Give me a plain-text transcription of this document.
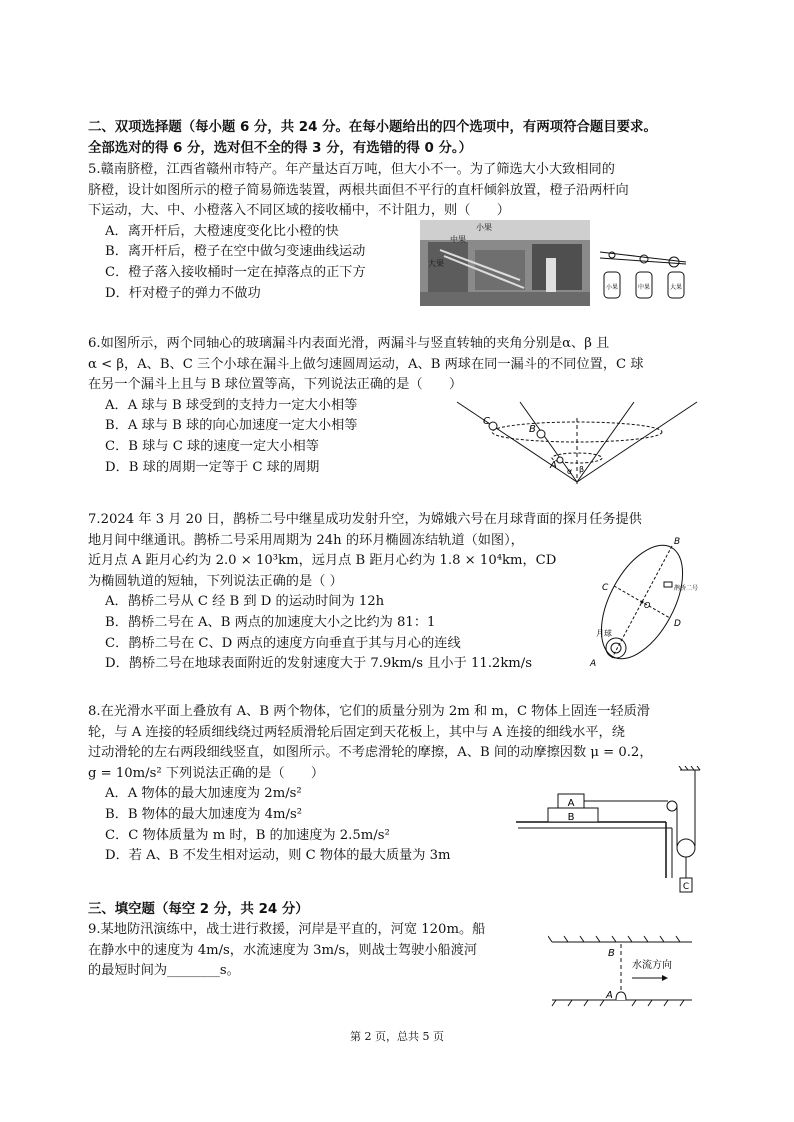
二、双项选择题（每小题 6 分，共 24 分。在每小题给出的四个选项中，有两项符合题目要求。
全部选对的得 6 分，选对但不全的得 3 分，有选错的得 0 分。）
5.赣南脐橙，江西省赣州市特产。年产量达百万吨，但大小不一。为了筛选大小大致相同的
脐橙，设计如图所示的橙子简易筛选装置，两根共面但不平行的直杆倾斜放置，橙子沿两杆向
下运动，大、中、小橙落入不同区域的接收桶中，不计阻力，则（　　）
A．离开杆后，大橙速度变化比小橙的快
B．离开杆后，橙子在空中做匀变速曲线运动
C．橙子落入接收桶时一定在掉落点的正下方
D．杆对橙子的弹力不做功
中果
大果
小果
小果	中果	大果
6.如图所示，两个同轴心的玻璃漏斗内表面光滑，两漏斗与竖直转轴的夹角分别是α、β 且
α < β，A、B、C 三个小球在漏斗上做匀速圆周运动，A、B 两球在同一漏斗的不同位置，C 球
在另一个漏斗上且与 B 球位置等高，下列说法正确的是（　　）
A．A 球与 B 球受到的支持力一定大小相等
B．A 球与 B 球的向心加速度一定大小相等
C．B 球与 C 球的速度一定大小相等
D．B 球的周期一定等于 C 球的周期
C
B
A
α β
7.2024 年 3 月 20 日，鹊桥二号中继星成功发射升空，为嫦娥六号在月球背面的探月任务提供
地月间中继通讯。鹊桥二号采用周期为 24h 的环月椭圆冻结轨道（如图），
近月点 A 距月心约为 2.0 × 10³km，远月点 B 距月心约为 1.8 × 10⁴km，CD
为椭圆轨道的短轴，下列说法正确的是（ ）
A．鹊桥二号从 C 经 B 到 D 的运动时间为 12h
B．鹊桥二号在 A、B 两点的加速度大小之比约为 81：1
C．鹊桥二号在 C、D 两点的速度方向垂直于其与月心的连线
D．鹊桥二号在地球表面附近的发射速度大于 7.9km/s 且小于 11.2km/s
B
C
D
A
O
月球
鹊桥二号
8.在光滑水平面上叠放有 A、B 两个物体，它们的质量分别为 2m 和 m，C 物体上固连一轻质滑
轮，与 A 连接的轻质细线绕过两轻质滑轮后固定到天花板上，其中与 A 连接的细线水平，绕
过动滑轮的左右两段细线竖直，如图所示。不考虑滑轮的摩擦，A、B 间的动摩擦因数 μ = 0.2，
g = 10m/s² 下列说法正确的是（　　）
A．A 物体的最大加速度为 2m/s²
B．B 物体的最大加速度为 4m/s²
C．C 物体质量为 m 时，B 的加速度为 2.5m/s²
D．若 A、B 不发生相对运动，则 C 物体的最大质量为 3m
A
B
C
三、填空题（每空 2 分，共 24 分）
9.某地防汛演练中，战士进行救援，河岸是平直的，河宽 120m。船
在静水中的速度为 4m/s，水流速度为 3m/s，则战士驾驶小船渡河
的最短时间为________s。
B
A
水流方向
第 2 页，总共 5 页
